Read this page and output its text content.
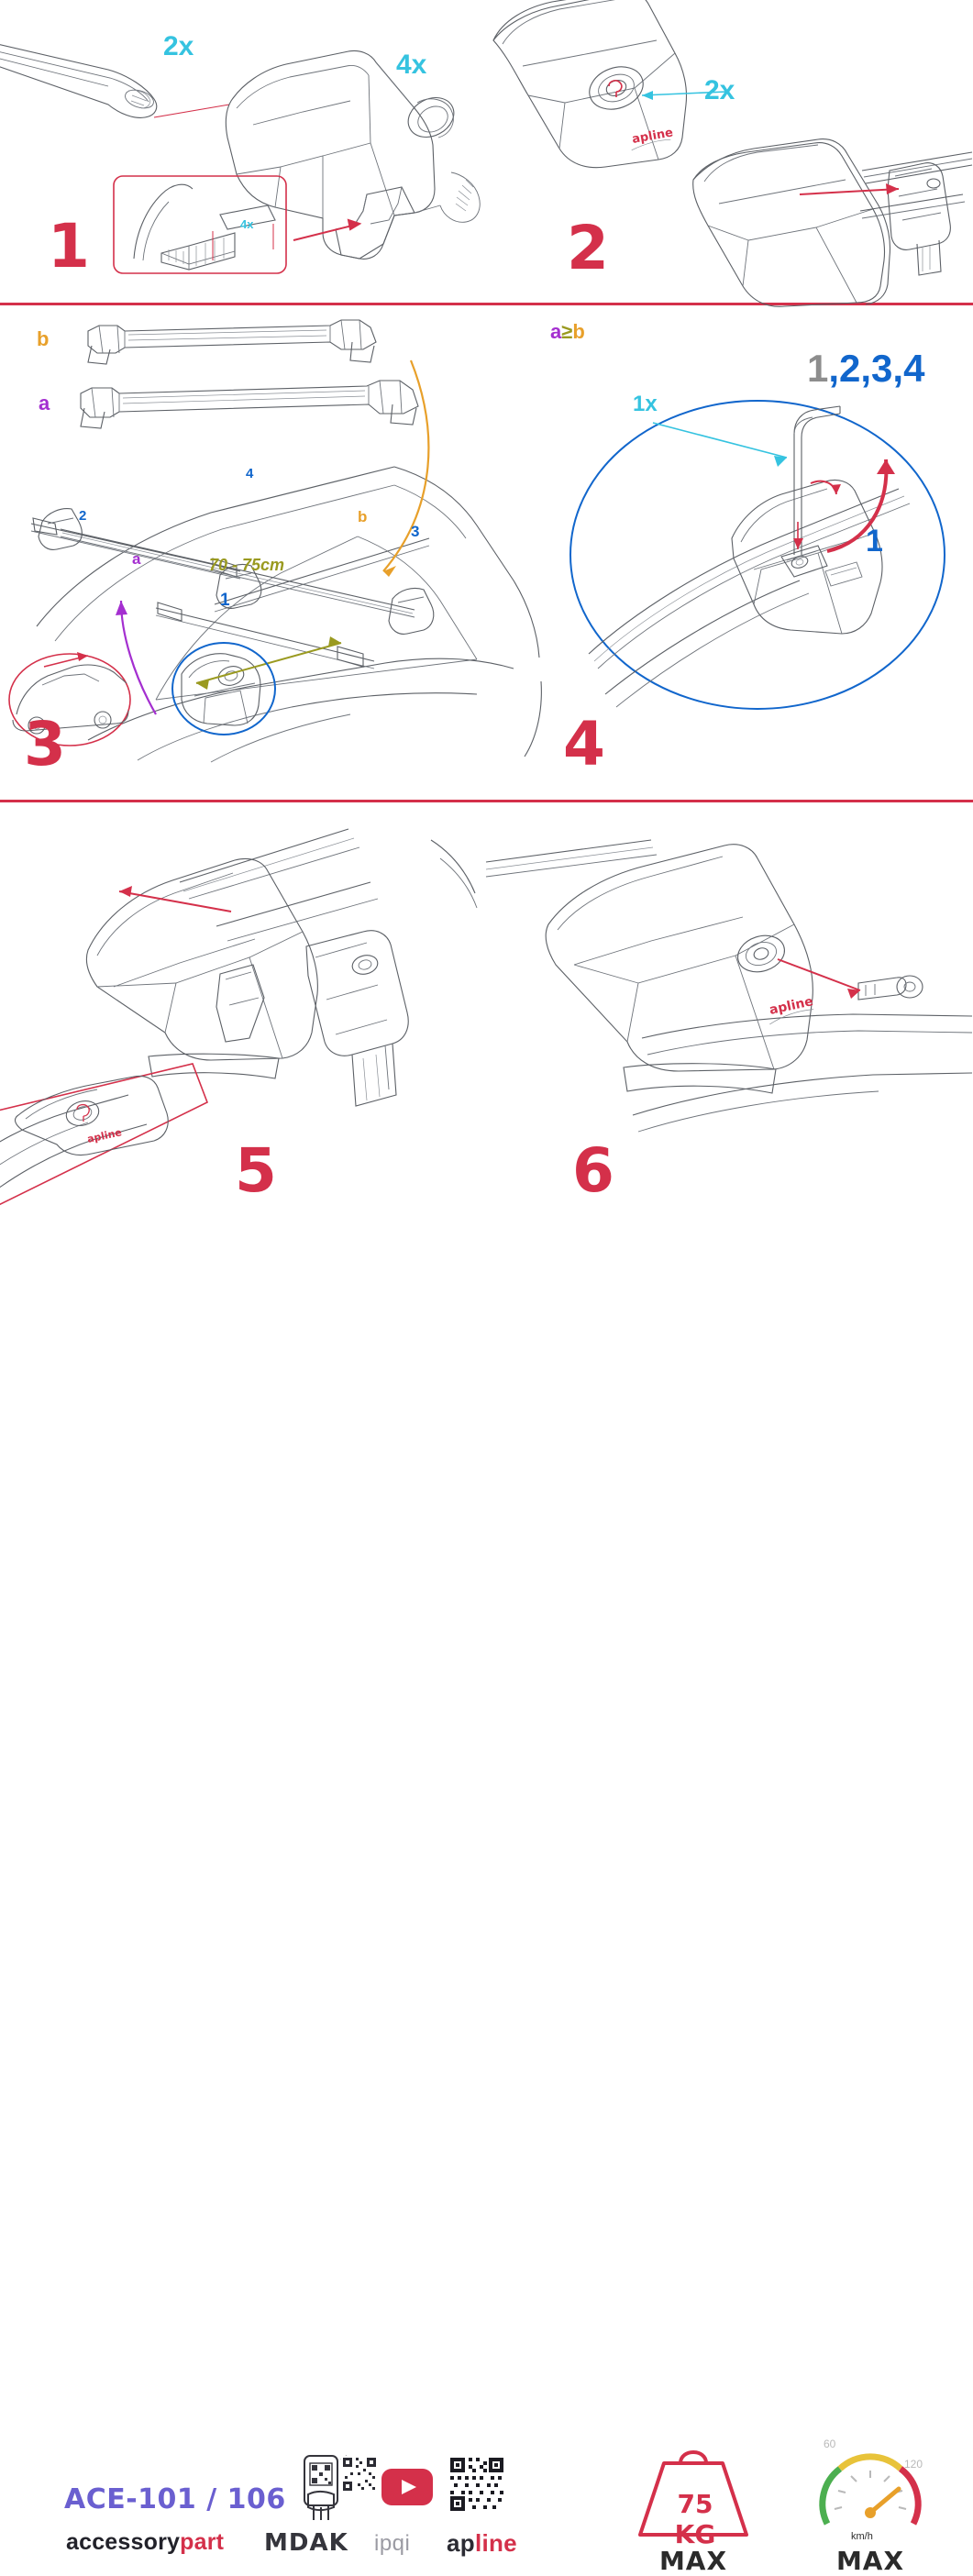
2x
4x
4x
1
apline
2x
2
b
a
a
b
70 - 75cm
1
2
3
4
3
a≥b
1,2,3,4
1x
1
4
apline 5
apline
6
ACE-101 / 106
accessorypart MDAK ipqi apline
75 KG
MAX
60
120
km/h
MAX
